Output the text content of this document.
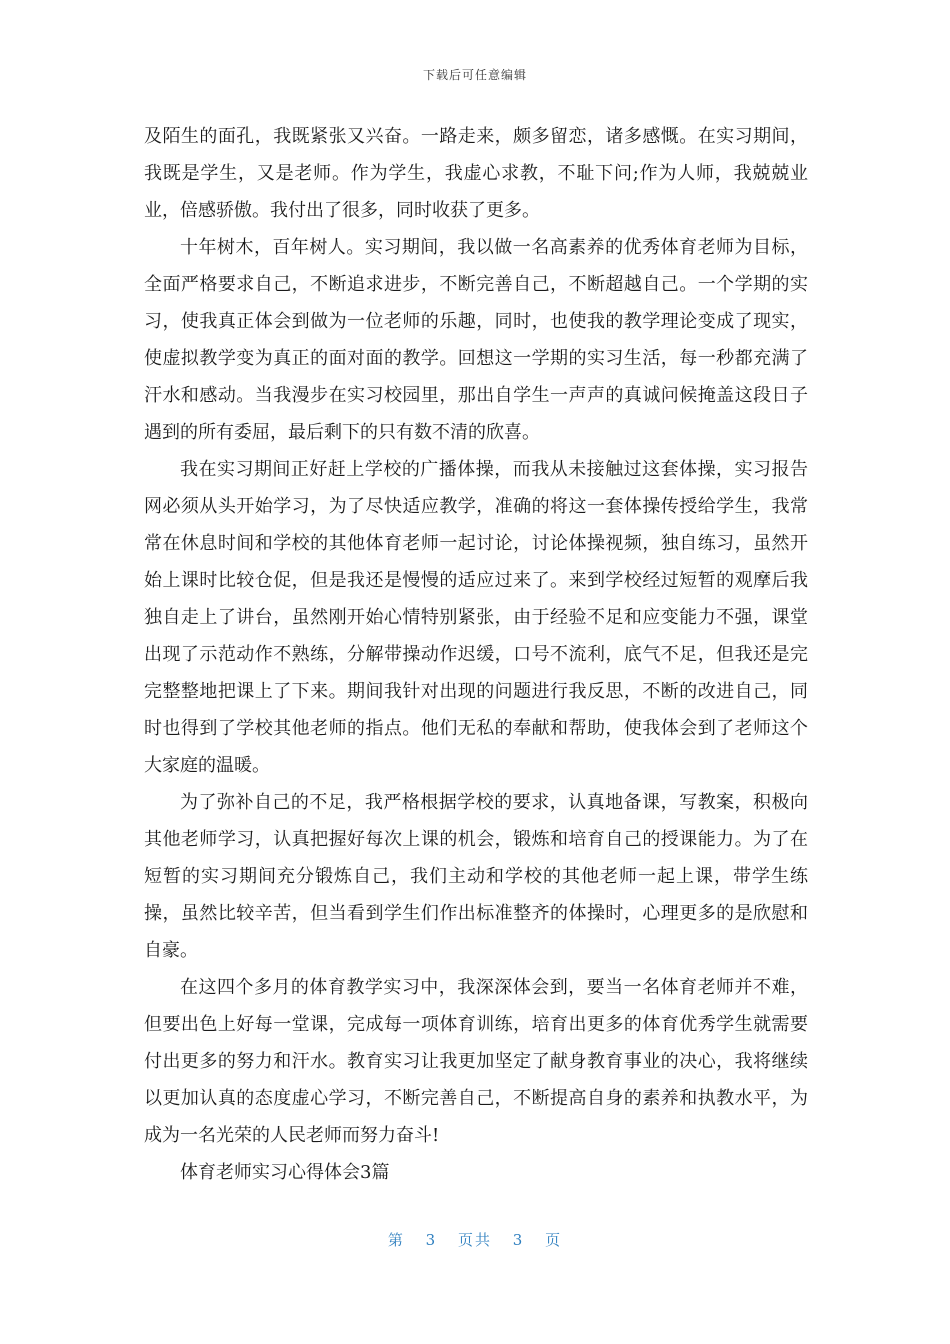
下载后可任意编辑

及陌生的面孔，我既紧张又兴奋。一路走来，颇多留恋，诸多感慨。在实习期间，我既是学生，又是老师。作为学生，我虚心求教，不耻下问;作为人师，我兢兢业业，倍感骄傲。我付出了很多，同时收获了更多。

十年树木，百年树人。实习期间，我以做一名高素养的优秀体育老师为目标，全面严格要求自己，不断追求进步，不断完善自己，不断超越自己。一个学期的实习，使我真正体会到做为一位老师的乐趣，同时，也使我的教学理论变成了现实，使虚拟教学变为真正的面对面的教学。回想这一学期的实习生活，每一秒都充满了汗水和感动。当我漫步在实习校园里，那出自学生一声声的真诚问候掩盖这段日子遇到的所有委屈，最后剩下的只有数不清的欣喜。

我在实习期间正好赶上学校的广播体操，而我从未接触过这套体操，实习报告网必须从头开始学习，为了尽快适应教学，准确的将这一套体操传授给学生，我常常在休息时间和学校的其他体育老师一起讨论，讨论体操视频，独自练习，虽然开始上课时比较仓促，但是我还是慢慢的适应过来了。来到学校经过短暂的观摩后我独自走上了讲台，虽然刚开始心情特别紧张，由于经验不足和应变能力不强，课堂出现了示范动作不熟练，分解带操动作迟缓，口号不流利，底气不足，但我还是完完整整地把课上了下来。期间我针对出现的问题进行我反思，不断的改进自己，同时也得到了学校其他老师的指点。他们无私的奉献和帮助，使我体会到了老师这个大家庭的温暖。

为了弥补自己的不足，我严格根据学校的要求，认真地备课，写教案，积极向其他老师学习，认真把握好每次上课的机会，锻炼和培育自己的授课能力。为了在短暂的实习期间充分锻炼自己，我们主动和学校的其他老师一起上课，带学生练操，虽然比较辛苦，但当看到学生们作出标准整齐的体操时，心理更多的是欣慰和自豪。

在这四个多月的体育教学实习中，我深深体会到，要当一名体育老师并不难，但要出色上好每一堂课，完成每一项体育训练，培育出更多的体育优秀学生就需要付出更多的努力和汗水。教育实习让我更加坚定了献身教育事业的决心，我将继续以更加认真的态度虚心学习，不断完善自己，不断提高自身的素养和执教水平，为成为一名光荣的人民老师而努力奋斗!

体育老师实习心得体会3篇

第 3 页共 3 页
